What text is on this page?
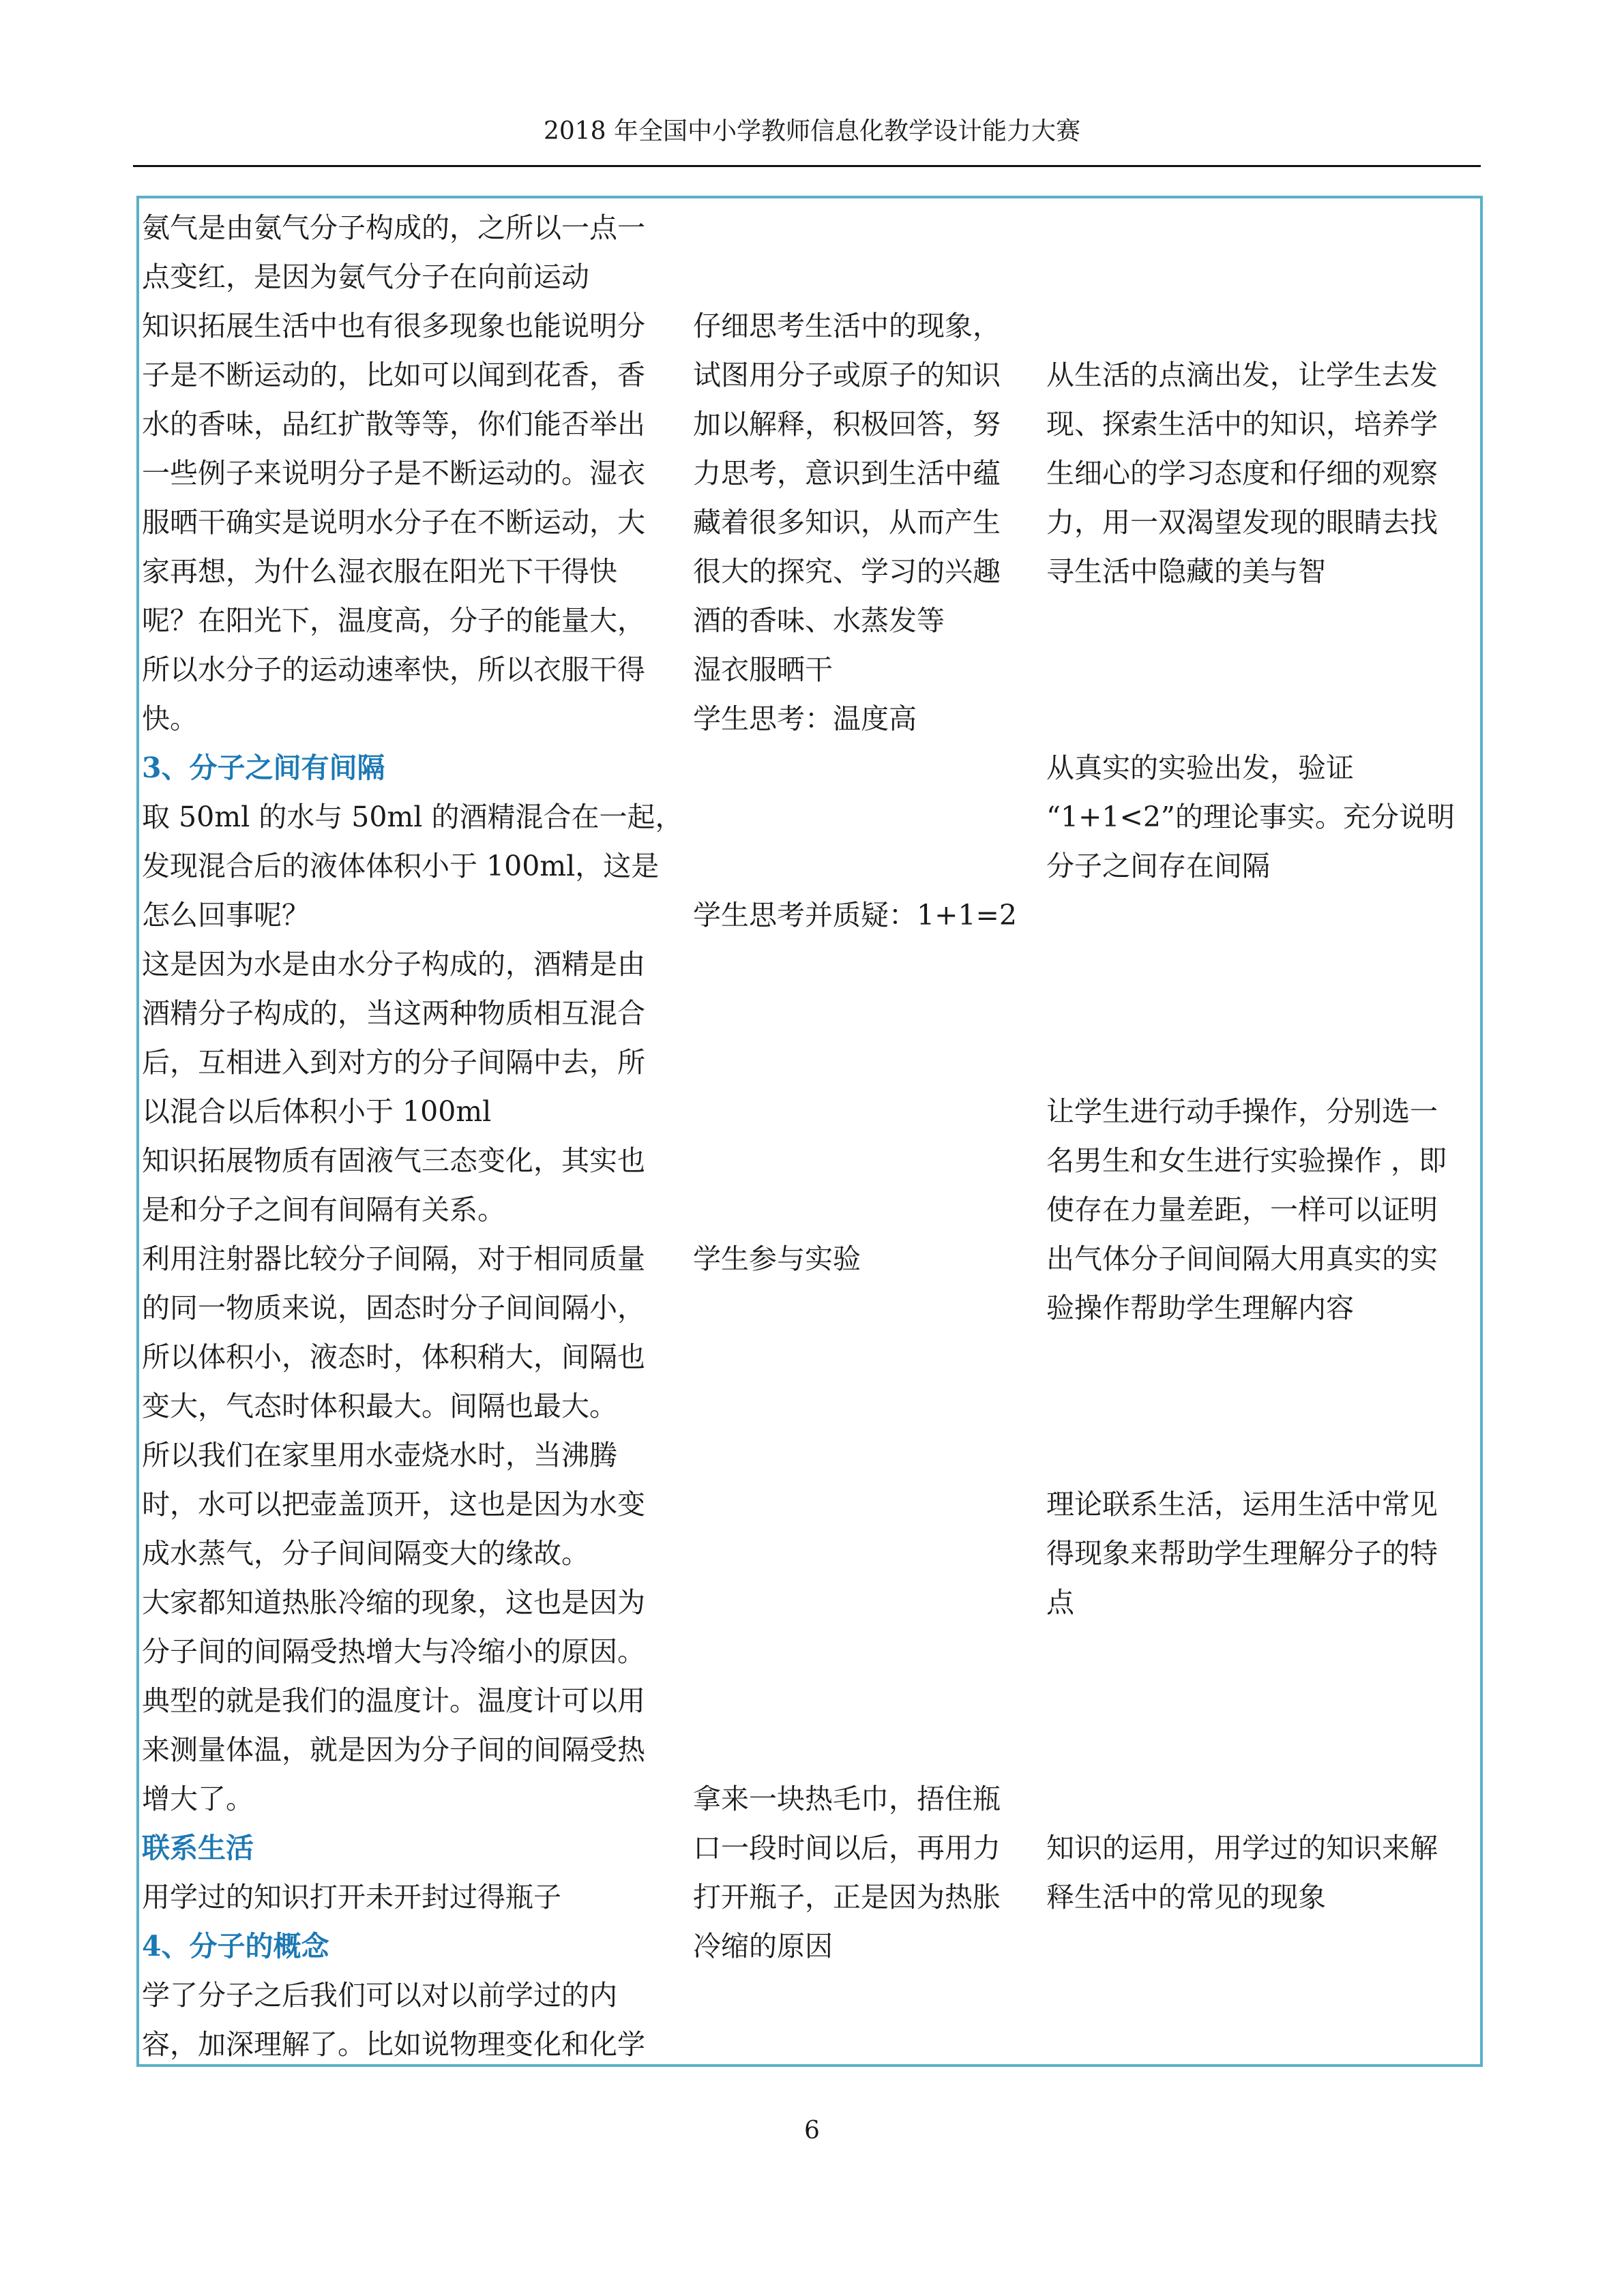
2018 年全国中小学教师信息化教学设计能力大赛
氨气是由氨气分子构成的，之所以一点一
点变红，是因为氨气分子在向前运动
知识拓展生活中也有很多现象也能说明分
子是不断运动的，比如可以闻到花香，香
水的香味，品红扩散等等，你们能否举出
一些例子来说明分子是不断运动的。湿衣
服晒干确实是说明水分子在不断运动，大
家再想，为什么湿衣服在阳光下干得快
呢？在阳光下，温度高，分子的能量大，
所以水分子的运动速率快，所以衣服干得
快。
3、分子之间有间隔
取 50ml 的水与 50ml 的酒精混合在一起，
发现混合后的液体体积小于 100ml，这是
怎么回事呢？
这是因为水是由水分子构成的，酒精是由
酒精分子构成的，当这两种物质相互混合
后，互相进入到对方的分子间隔中去，所
以混合以后体积小于 100ml
知识拓展物质有固液气三态变化，其实也
是和分子之间有间隔有关系。
利用注射器比较分子间隔，对于相同质量
的同一物质来说，固态时分子间间隔小，
所以体积小，液态时，体积稍大，间隔也
变大，气态时体积最大。间隔也最大。
所以我们在家里用水壶烧水时，当沸腾
时，水可以把壶盖顶开，这也是因为水变
成水蒸气，分子间间隔变大的缘故。
大家都知道热胀冷缩的现象，这也是因为
分子间的间隔受热增大与冷缩小的原因。
典型的就是我们的温度计。温度计可以用
来测量体温，就是因为分子间的间隔受热
增大了。
联系生活
用学过的知识打开未开封过得瓶子
4、分子的概念
学了分子之后我们可以对以前学过的内
容，加深理解了。比如说物理变化和化学
仔细思考生活中的现象，
试图用分子或原子的知识
加以解释，积极回答，努
力思考，意识到生活中蕴
藏着很多知识，从而产生
很大的探究、学习的兴趣
酒的香味、水蒸发等
湿衣服晒干
学生思考：温度高
学生思考并质疑：1+1=2
学生参与实验
拿来一块热毛巾，捂住瓶
口一段时间以后，再用力
打开瓶子，正是因为热胀
冷缩的原因
从生活的点滴出发，让学生去发
现、探索生活中的知识，培养学
生细心的学习态度和仔细的观察
力，用一双渴望发现的眼睛去找
寻生活中隐藏的美与智
从真实的实验出发，验证
“1+1<2”的理论事实。充分说明
分子之间存在间隔
让学生进行动手操作，分别选一
名男生和女生进行实验操作 ，即
使存在力量差距，一样可以证明
出气体分子间间隔大用真实的实
验操作帮助学生理解内容
理论联系生活，运用生活中常见
得现象来帮助学生理解分子的特
点
知识的运用，用学过的知识来解
释生活中的常见的现象
6
